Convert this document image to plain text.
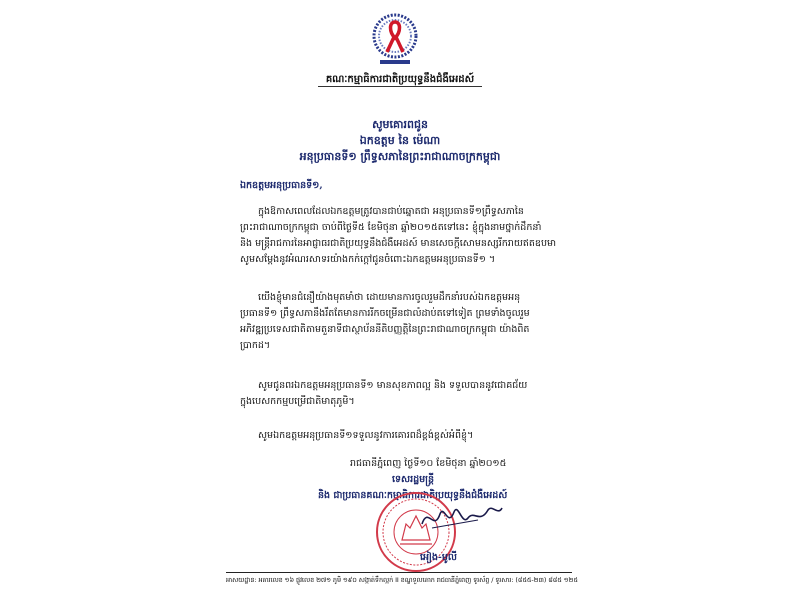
គណៈកម្មាធិការជាតិប្រយុទ្ធនឹងជំងឺអេដស៍
សូមគោរពជូន
ឯកឧត្តម នៃ ម៉េណា
អនុប្រធានទី១ ព្រឹទ្ធសភានៃព្រះរាជាណាចក្រកម្ពុជា
ឯកឧត្តមអនុប្រធានទី១,
ក្នុងឱកាសពេលដែលឯកឧត្តមត្រូវបានជាប់ឆ្នោតជា អនុប្រធានទី១ព្រឹទ្ធសភានៃ
ព្រះរាជាណាចក្រកម្ពុជា ចាប់ពីថ្ងៃទី៥ ខែមិថុនា ឆ្នាំ២០១៥តទៅនេះ ខ្ញុំក្នុងនាមថ្នាក់ដឹកនាំ
និង មន្រ្តីរាជការនៃអាជ្ញាធរជាតិប្រយុទ្ធនឹងជំងឺអេដស៍ មានសេចក្តីសោមនស្សរីករាយឥតឧបមា
សូមសម្តែងនូវអំណរសាទរយ៉ាងកក់ក្តៅជូនចំពោះឯកឧត្តមអនុប្រធានទី១ ។
យើងខ្ញុំមានជំនឿយ៉ាងមុតមាំថា ដោយមានការចូលរួមដឹកនាំរបស់ឯកឧត្តមអនុ
ប្រធានទី១ ព្រឹទ្ធសភានឹងរឹតតែមានការរីកចម្រើនជាលំដាប់តទៅទៀត ព្រមទាំងចូលរួម
អភិវឌ្ឍប្រទេសជាតិតាមតួនាទីជាស្ថាប័ននីតិបញ្ញត្តិនៃព្រះរាជាណាចក្រកម្ពុជា យ៉ាងពិត
ប្រាកដ។
សូមជូនពរឯកឧត្តមអនុប្រធានទី១ មានសុខភាពល្អ និង ទទួលបាននូវជោគជ័យ
ក្នុងបេសកកម្មបម្រើជាតិមាតុភូមិ។
សូមឯកឧត្តមអនុប្រធានទី១ទទួលនូវការគោរពដ៏ខ្ពង់ខ្ពស់អំពីខ្ញុំ។
រាជធានីភ្នំពេញ ថ្ងៃទី១០ ខែមិថុនា ឆ្នាំ២០១៥
ទេសរដ្ឋមន្ត្រី
និង ជាប្រធានគណៈកម្មាធិការជាតិប្រយុទ្ធនឹងជំងឺអេដស៍
អៀង-មូលី
អាសយដ្ឋាន: អគារលេខ ១៦ ផ្លូវលេខ ២៧១ ភូមិ ១៩០ សង្កាត់ទឹកល្អក់ II ខណ្ឌទួលគោក រាជធានីភ្នំពេញ ទូរស័ព្ទ / ទូរសារ: (៨៥៥-២៣) ៨៨៥ ១២៥
